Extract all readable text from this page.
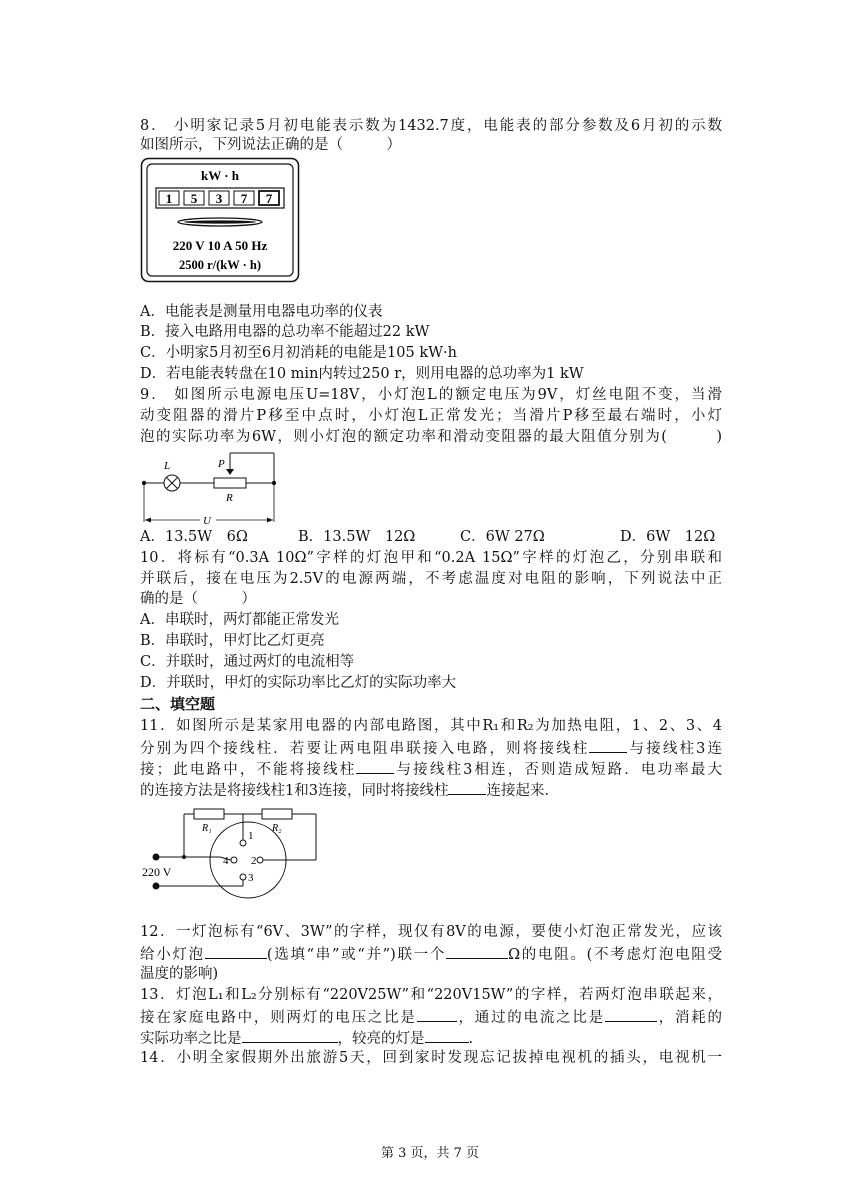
8． 小明家记录5月初电能表示数为1432.7度，电能表的部分参数及6月初的示数
如图所示，下列说法正确的是（　　　）
kW · h
1 5 3 7 7
220 V 10 A 50 Hz
2500 r/(kW · h)
A．电能表是测量用电器电功率的仪表
B．接入电路用电器的总功率不能超过22 kW
C．小明家5月初至6月初消耗的电能是105 kW·h
D．若电能表转盘在10 min内转过250 r，则用电器的总功率为1 kW
9． 如图所示电源电压U=18V，小灯泡L的额定电压为9V，灯丝电阻不变，当滑
动变阻器的滑片P移至中点时，小灯泡L正常发光；当滑片P移至最右端时，小灯
泡的实际功率为6W，则小灯泡的额定功率和滑动变阻器的最大阻值分别为(　　　)
L	P
R
U
A．13.5W　6Ω	B．13.5W　12Ω	C．6W 27Ω	D．6W　12Ω
10．将标有“0.3A 10Ω”字样的灯泡甲和“0.2A 15Ω”字样的灯泡乙，分别串联和
并联后，接在电压为2.5V的电源两端，不考虑温度对电阻的影响，下列说法中正
确的是（　　　）
A．串联时，两灯都能正常发光
B．串联时，甲灯比乙灯更亮
C．并联时，通过两灯的电流相等
D．并联时，甲灯的实际功率比乙灯的实际功率大
二、填空题
11．如图所示是某家用电器的内部电路图，其中R₁和R₂为加热电阻，1、2、3、4
分别为四个接线柱．若要让两电阻串联接入电路，则将接线柱	与接线柱3连
接；此电路中，不能将接线柱	与接线柱3相连，否则造成短路．电功率最大
的连接方法是将接线柱1和3连接，同时将接线柱	连接起来．
R₁	R₂
1
2
3
4
220 V
12．一灯泡标有“6V、3W”的字样，现仅有8V的电源，要使小灯泡正常发光，应该
给小灯泡	(选填“串”或“并”)联一个	Ω的电阻。(不考虑灯泡电阻受
温度的影响)
13．灯泡L₁和L₂分别标有“220V25W”和“220V15W”的字样，若两灯泡串联起来，
接在家庭电路中，则两灯的电压之比是	，通过的电流之比是	，消耗的
实际功率之比是	，较亮的灯是	.
14．小明全家假期外出旅游5天，回到家时发现忘记拔掉电视机的插头，电视机一
第 3 页，共 7 页
